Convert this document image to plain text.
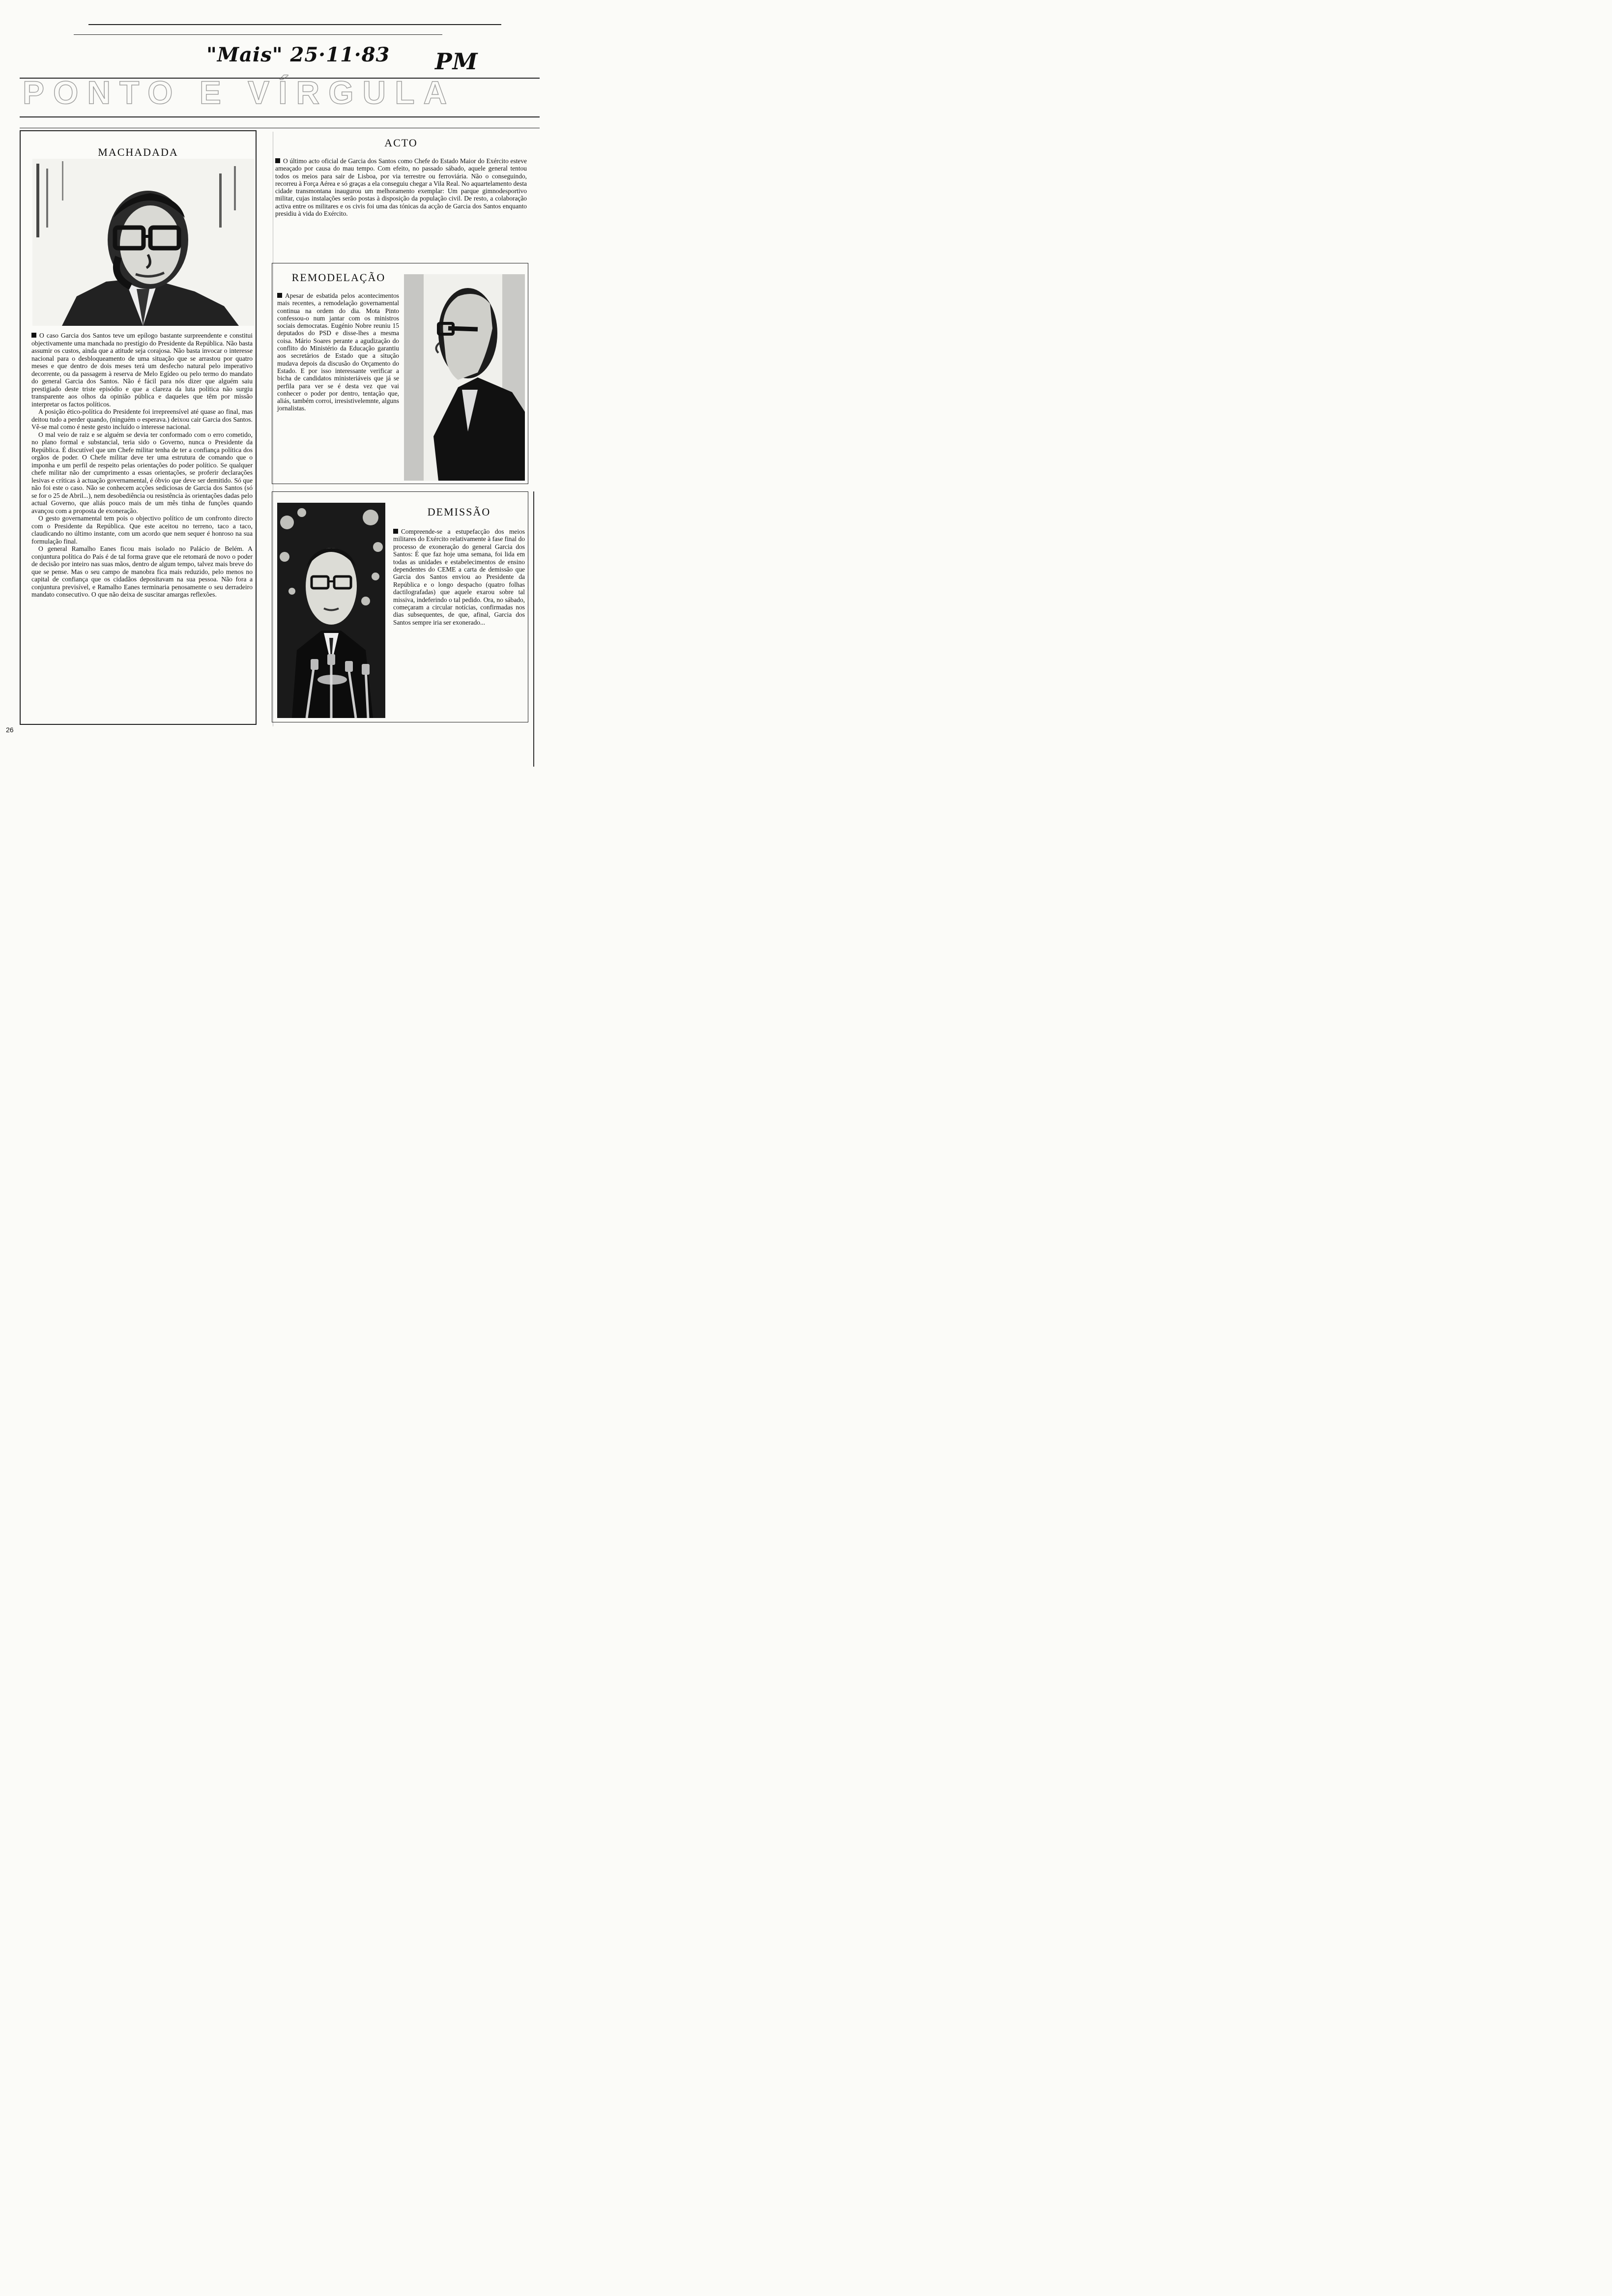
"Mais" 25·11·83 PM
PONTO E VÍRGULA
MACHADADA

O caso Garcia dos Santos teve um epílogo bastante surpreendente e constitui objectivamente uma manchada no prestígio do Presidente da República. Não basta assumir os custos, ainda que a atitude seja corajosa. Não basta invocar o interesse nacional para o desbloqueamento de uma situação que se arrastou por quatro meses e que dentro de dois meses terá um desfecho natural pelo imperativo decorrente, ou da passagem à reserva de Melo Egídeo ou pelo termo do mandato do general Garcia dos Santos. Não é fácil para nós dizer que alguém saiu prestigiado deste triste episódio e que a clareza da luta política não surgiu transparente aos olhos da opinião pública e daqueles que têm por missão interpretar os factos políticos.

A posição ético-política do Presidente foi irrepreensível até quase ao final, mas deitou tudo a perder quando, (ninguém o esperava.) deixou cair Garcia dos Santos. Vê-se mal como é neste gesto incluído o interesse nacional.

O mal veio de raiz e se alguém se devia ter conformado com o erro cometido, no plano formal e substancial, teria sido o Governo, nunca o Presidente da República. É discutível que um Chefe militar tenha de ter a confiança política dos orgãos de poder. O Chefe militar deve ter uma estrutura de comando que o imponha e um perfil de respeito pelas orientações do poder político. Se qualquer chefe militar não der cumprimento a essas orientações, se proferir declarações lesivas e críticas à actuação governamental, é óbvio que deve ser demitido. Só que não foi este o caso. Não se conhecem acções sediciosas de Garcia dos Santos (só se for o 25 de Abril...), nem desobediência ou resistência às orientações dadas pelo actual Governo, que aliás pouco mais de um mês tinha de funções quando avançou com a proposta de exoneração.

O gesto governamental tem pois o objectivo político de um confronto directo com o Presidente da República. Que este aceitou no terreno, taco a taco, claudicando no último instante, com um acordo que nem sequer é honroso na sua formulação final.

O general Ramalho Eanes ficou mais isolado no Palácio de Belém. A conjuntura política do País é de tal forma grave que ele retomará de novo o poder de decisão por inteiro nas suas mãos, dentro de algum tempo, talvez mais breve do que se pense. Mas o seu campo de manobra fica mais reduzido, pelo menos no capital de confiança que os cidadãos depositavam na sua pessoa. Não fora a conjuntura previsível, e Ramalho Eanes terminaria penosamente o seu derradeiro mandato consecutivo. O que não deixa de suscitar amargas reflexões.

ACTO

O último acto oficial de Garcia dos Santos como Chefe do Estado Maior do Exército esteve ameaçado por causa do mau tempo. Com efeito, no passado sábado, aquele general tentou todos os meios para sair de Lisboa, por via terrestre ou ferroviária. Não o conseguindo, recorreu à Força Aérea e só graças a ela conseguiu chegar a Vila Real. No aquartelamento desta cidade transmontana inaugurou um melhoramento exemplar: Um parque gimnodesportivo militar, cujas instalações serão postas à disposição da população civil. De resto, a colaboração activa entre os militares e os civis foi uma das tónicas da acção de Garcia dos Santos enquanto presidiu à vida do Exército.

REMODELAÇÃO

Apesar de esbatida pelos acontecimentos mais recentes, a remodelação governamental continua na ordem do dia. Mota Pinto confessou-o num jantar com os ministros sociais democratas. Eugénio Nobre reuniu 15 deputados do PSD e disse-lhes a mesma coisa. Mário Soares perante a agudização do conflito do Ministério da Educação garantiu aos secretários de Estado que a situção mudava depois da discusão do Orçamento do Estado. E por isso interessante verificar a bicha de candidatos ministeriáveis que já se perfila para ver se é desta vez que vai conhecer o poder por dentro, tentação que, aliás, também corroi, irresistivelemnte, alguns jornalistas.

DEMISSÃO

Compreende-se a estupefacção dos meios militares do Exército relativamente à fase final do processo de exoneração do general Garcia dos Santos: É que faz hoje uma semana, foi lida em todas as unidades e estabelecimentos de ensino dependentes do CEME a carta de demissão que Garcia dos Santos enviou ao Presidente da República e o longo despacho (quatro folhas dactilografadas) que aquele exarou sobre tal missiva, indeferindo o tal pedido. Ora, no sábado, começaram a circular notícias, confirmadas nos dias subsequentes, de que, afinal, Garcia dos Santos sempre iria ser exonerado...

26
